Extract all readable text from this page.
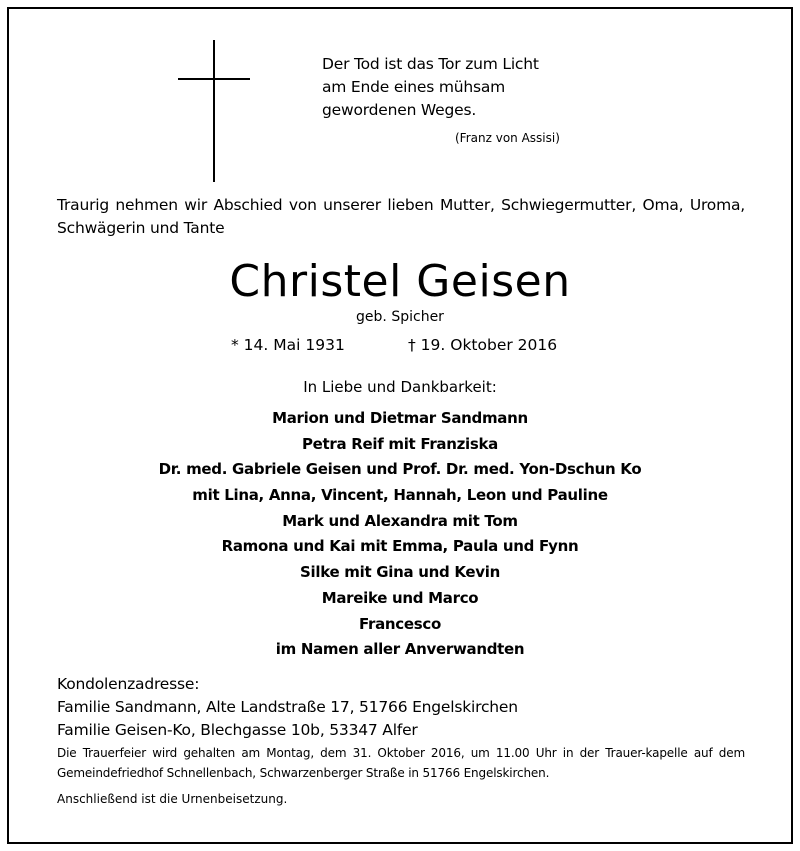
Der Tod ist das Tor zum Licht
am Ende eines mühsam
gewordenen Weges.
(Franz von Assisi)
Traurig nehmen wir Abschied von unserer lieben Mutter, Schwiegermutter, Oma, Uroma, Schwägerin und Tante
Christel Geisen
geb. Spicher
* 14. Mai 1931	† 19. Oktober 2016
In Liebe und Dankbarkeit:
Marion und Dietmar Sandmann
Petra Reif mit Franziska
Dr. med. Gabriele Geisen und Prof. Dr. med. Yon-Dschun Ko
mit Lina, Anna, Vincent, Hannah, Leon und Pauline
Mark und Alexandra mit Tom
Ramona und Kai mit Emma, Paula und Fynn
Silke mit Gina und Kevin
Mareike und Marco
Francesco
im Namen aller Anverwandten
Kondolenzadresse:
Familie Sandmann, Alte Landstraße 17, 51766 Engelskirchen
Familie Geisen-Ko, Blechgasse 10b, 53347 Alfer
Die Trauerfeier wird gehalten am Montag, dem 31. Oktober 2016, um 11.00 Uhr in der Trauer-kapelle auf dem Gemeindefriedhof Schnellenbach, Schwarzenberger Straße in 51766 Engelskirchen.
Anschließend ist die Urnenbeisetzung.
